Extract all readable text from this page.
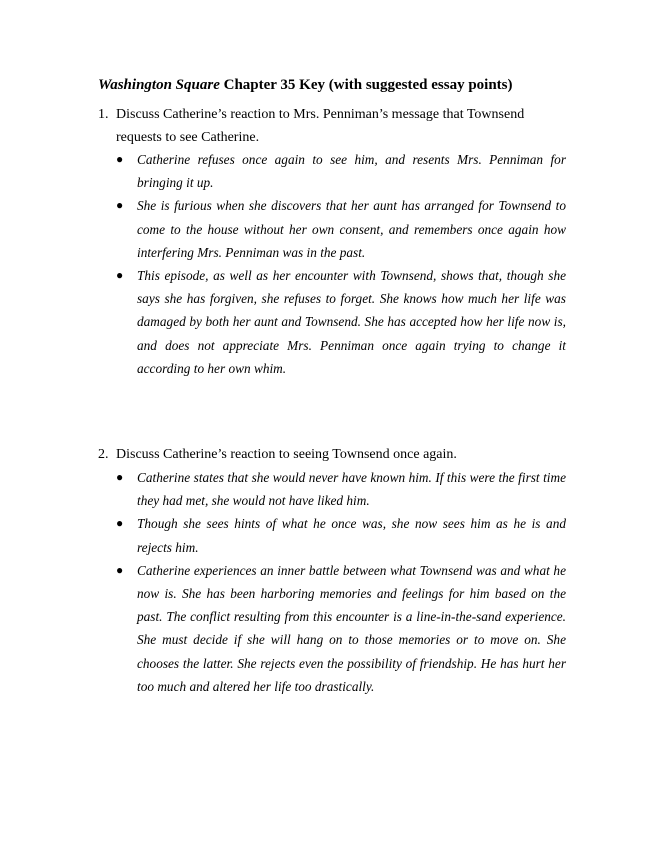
Washington Square Chapter 35 Key (with suggested essay points)
1. Discuss Catherine’s reaction to Mrs. Penniman’s message that Townsend requests to see Catherine.
● Catherine refuses once again to see him, and resents Mrs. Penniman for bringing it up.
● She is furious when she discovers that her aunt has arranged for Townsend to come to the house without her own consent, and remembers once again how interfering Mrs. Penniman was in the past.
● This episode, as well as her encounter with Townsend, shows that, though she says she has forgiven, she refuses to forget. She knows how much her life was damaged by both her aunt and Townsend. She has accepted how her life now is, and does not appreciate Mrs. Penniman once again trying to change it according to her own whim.
2. Discuss Catherine’s reaction to seeing Townsend once again.
● Catherine states that she would never have known him. If this were the first time they had met, she would not have liked him.
● Though she sees hints of what he once was, she now sees him as he is and rejects him.
● Catherine experiences an inner battle between what Townsend was and what he now is. She has been harboring memories and feelings for him based on the past. The conflict resulting from this encounter is a line-in-the-sand experience. She must decide if she will hang on to those memories or to move on. She chooses the latter. She rejects even the possibility of friendship. He has hurt her too much and altered her life too drastically.
